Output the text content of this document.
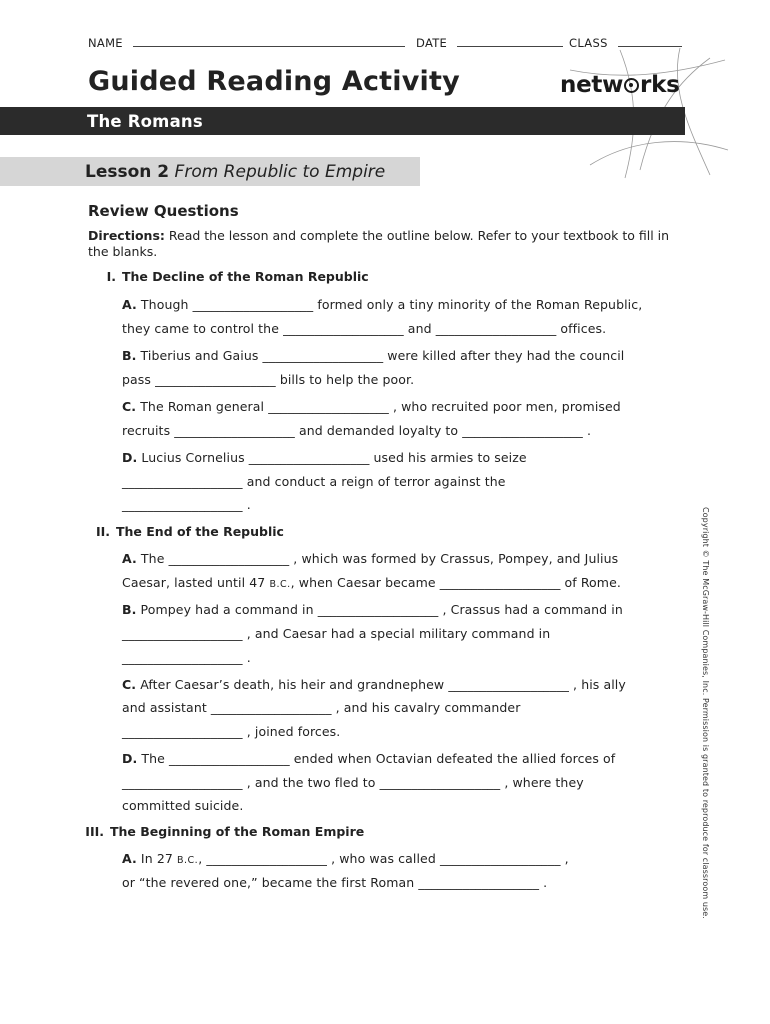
NAME	DATE	CLASS
Guided Reading Activity	netw rks
The Romans
Lesson 2 From Republic to Empire
Review Questions
Directions: Read the lesson and complete the outline below. Refer to your textbook to fill in the blanks.
I. The Decline of the Roman Republic
A. Though ___________________ formed only a tiny minority of the Roman Republic,
they came to control the ___________________ and ___________________ offices.
B. Tiberius and Gaius ___________________ were killed after they had the council
pass ___________________ bills to help the poor.
C. The Roman general ___________________ , who recruited poor men, promised
recruits ___________________ and demanded loyalty to ___________________ .
D. Lucius Cornelius ___________________ used his armies to seize
___________________ and conduct a reign of terror against the
___________________ .
II. The End of the Republic
A. The ___________________ , which was formed by Crassus, Pompey, and Julius
Caesar, lasted until 47 B.C., when Caesar became ___________________ of Rome.
B. Pompey had a command in ___________________ , Crassus had a command in
___________________ , and Caesar had a special military command in
___________________ .
C. After Caesar’s death, his heir and grandnephew ___________________ , his ally
and assistant ___________________ , and his cavalry commander
___________________ , joined forces.
D. The ___________________ ended when Octavian defeated the allied forces of
___________________ , and the two fled to ___________________ , where they
committed suicide.
III. The Beginning of the Roman Empire
A. In 27 B.C., ___________________ , who was called ___________________ ,
or “the revered one,” became the first Roman ___________________ .	Copyright © The McGraw-Hill Companies, Inc. Permission is granted to reproduce for classroom use.
